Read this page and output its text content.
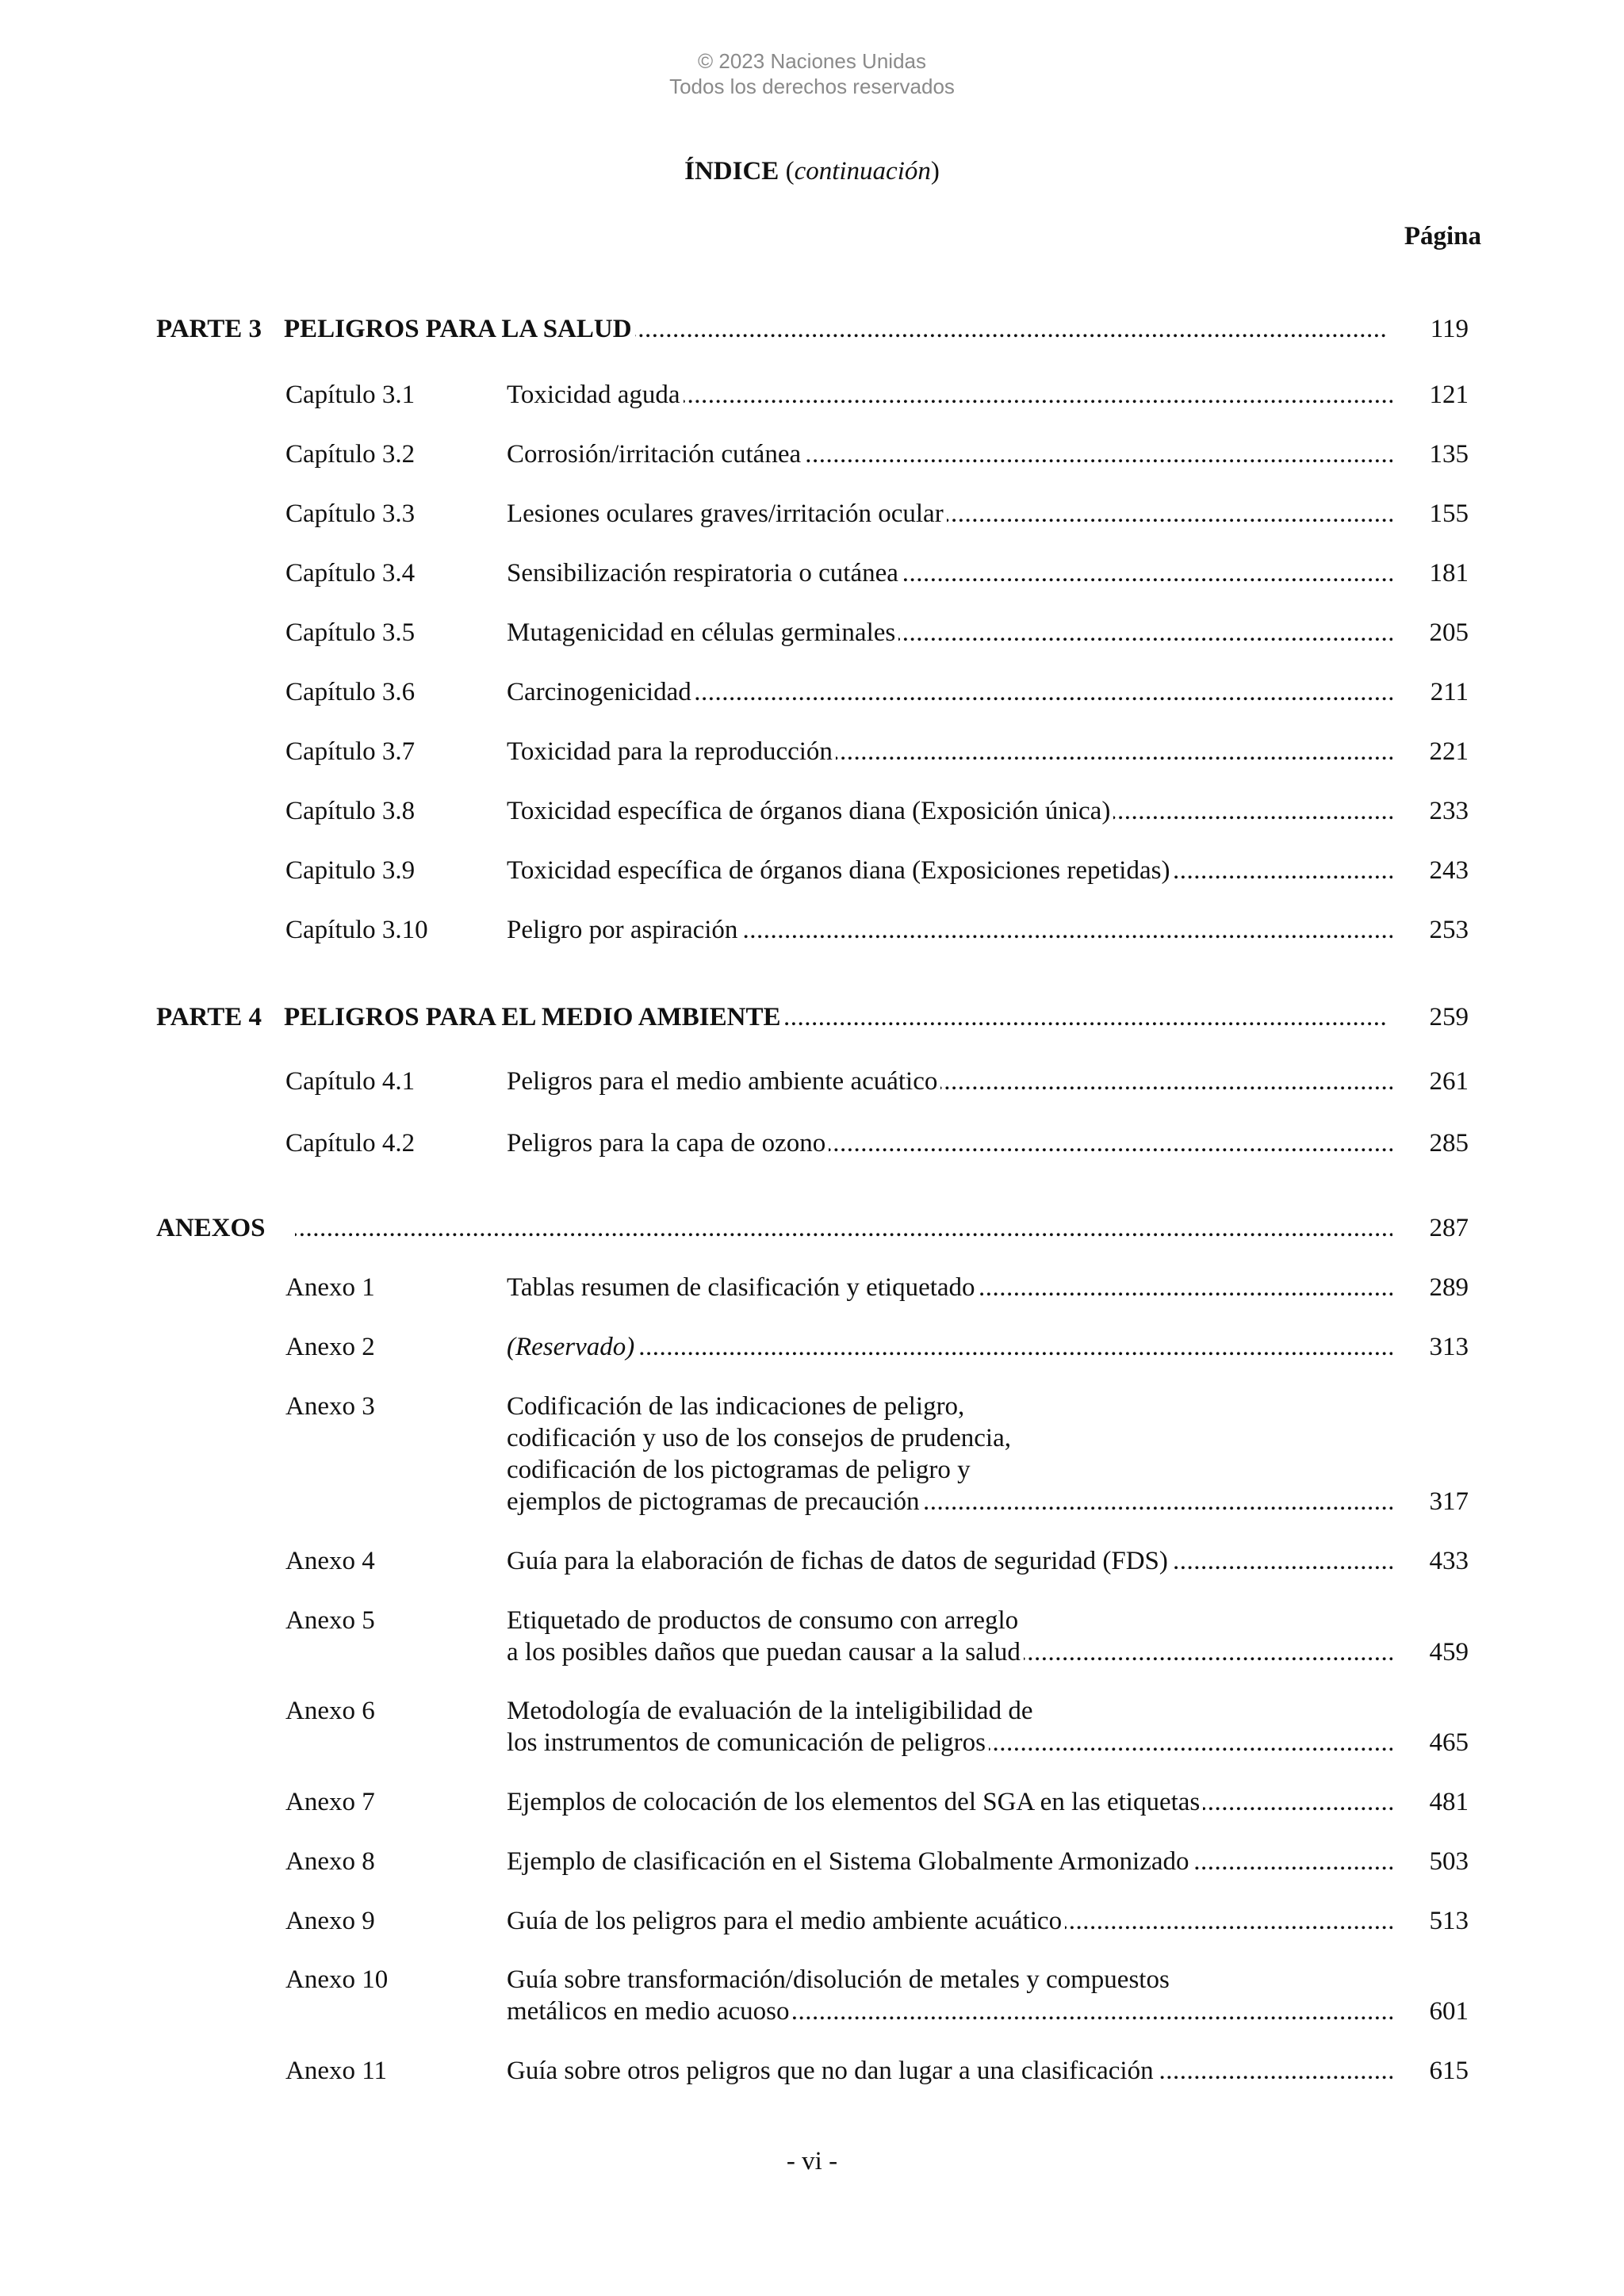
© 2023 Naciones Unidas
Todos los derechos reservados
ÍNDICE (continuación)
Página
PARTE 3 PELIGROS PARA LA SALUD .....	119
Capítulo 3.1	Toxicidad aguda .....	121
Capítulo 3.2	Corrosión/irritación cutánea .....	135
Capítulo 3.3	Lesiones oculares graves/irritación ocular .....	155
Capítulo 3.4	Sensibilización respiratoria o cutánea .....	181
Capítulo 3.5	Mutagenicidad en células germinales .....	205
Capítulo 3.6	Carcinogenicidad .....	211
Capítulo 3.7	Toxicidad para la reproducción .....	221
Capítulo 3.8	Toxicidad específica de órganos diana (Exposición única) .....	233
Capitulo 3.9	Toxicidad específica de órganos diana (Exposiciones repetidas) .....	243
Capítulo 3.10	Peligro por aspiración .....	253
PARTE 4 PELIGROS PARA EL MEDIO AMBIENTE .....	259
Capítulo 4.1	Peligros para el medio ambiente acuático .....	261
Capítulo 4.2	Peligros para la capa de ozono .....	285
ANEXOS .....	287
Anexo 1	Tablas resumen de clasificación y etiquetado .....	289
Anexo 2	(Reservado) .....	313
Anexo 3	Codificación de las indicaciones de peligro,
codificación y uso de los consejos de prudencia,
codificación de los pictogramas de peligro y
ejemplos de pictogramas de precaución .....	317
Anexo 4	Guía para la elaboración de fichas de datos de seguridad (FDS) .....	433
Anexo 5	Etiquetado de productos de consumo con arreglo
a los posibles daños que puedan causar a la salud .....	459
Anexo 6	Metodología de evaluación de la inteligibilidad de
los instrumentos de comunicación de peligros .....	465
Anexo 7	Ejemplos de colocación de los elementos del SGA en las etiquetas .....	481
Anexo 8	Ejemplo de clasificación en el Sistema Globalmente Armonizado .....	503
Anexo 9	Guía de los peligros para el medio ambiente acuático .....	513
Anexo 10	Guía sobre transformación/disolución de metales y compuestos
metálicos en medio acuoso .....	601
Anexo 11	Guía sobre otros peligros que no dan lugar a una clasificación .....	615
- vi -
